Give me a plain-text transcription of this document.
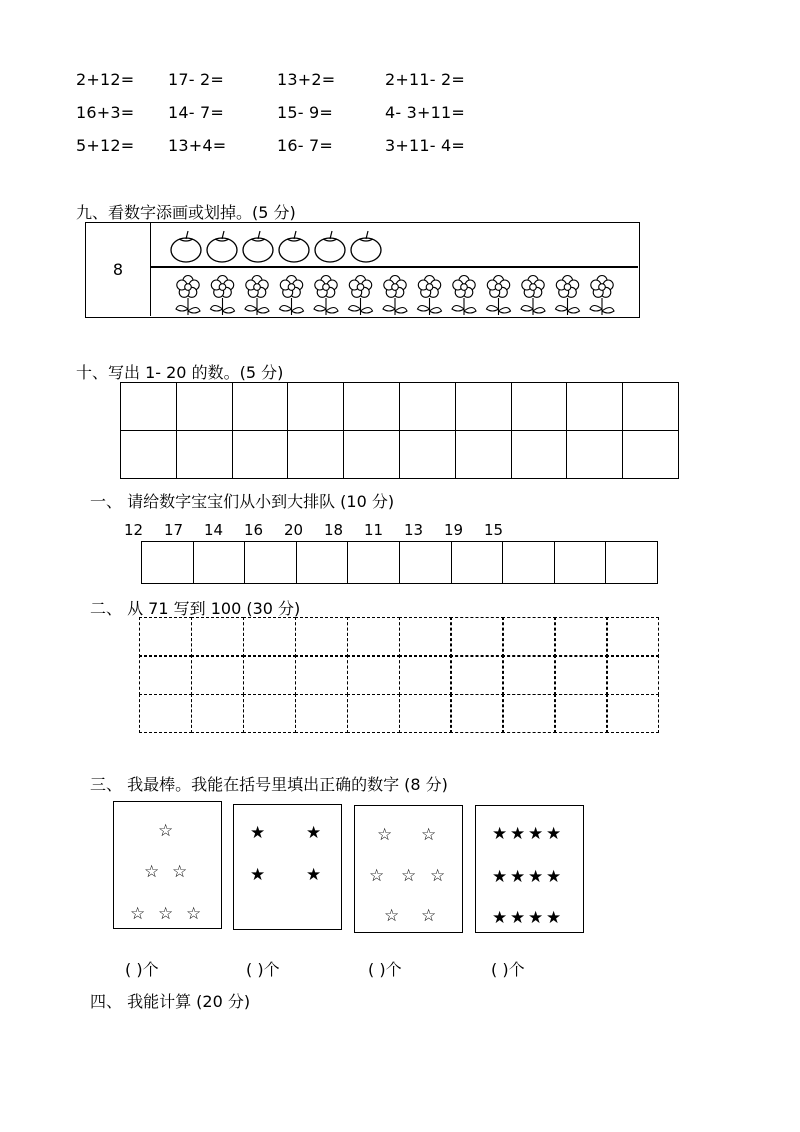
2+12= 17- 2=	13+2=	2+11- 2=
16+3= 14- 7=	15- 9=	4- 3+11=
5+12= 13+4=	16- 7=	3+11- 4=
九、看数字添画或划掉。(5 分)
8
十、写出 1- 20 的数。(5 分)
一、 请给数字宝宝们从小到大排队 (10 分)
12 17 14 16 20 18 11 13 19 15
二、 从 71 写到 100 (30 分)
三、 我最棒。我能在括号里填出正确的数字 (8 分)
☆
☆ ☆
☆ ☆ ☆
★ ★
★ ★
☆ ☆
☆ ☆ ☆
☆ ☆
★ ★ ★ ★
★ ★ ★ ★
★ ★ ★ ★
( )个	( )个	( )个	( )个
四、 我能计算 (20 分)
